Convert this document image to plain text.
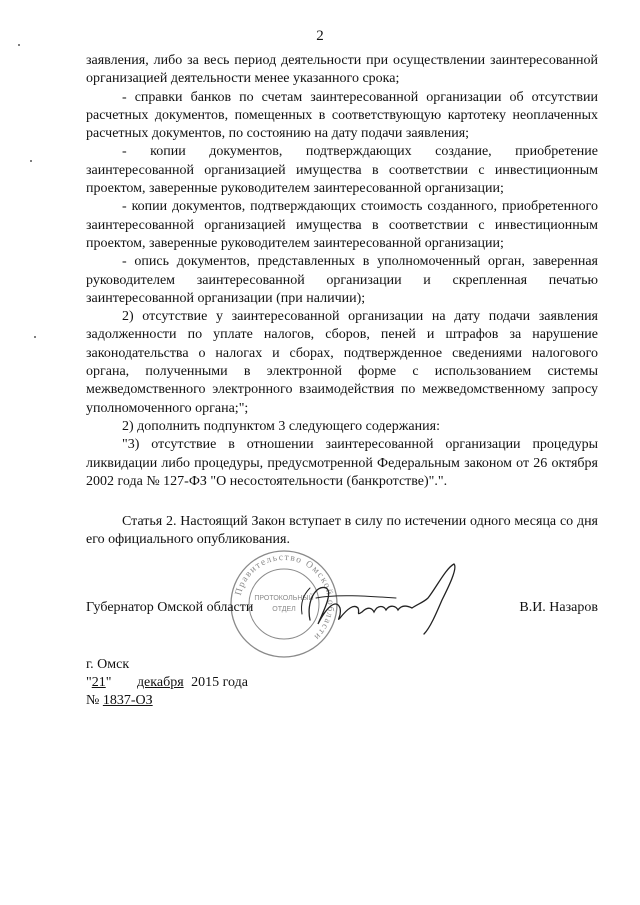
2

заявления, либо за весь период деятельности при осуществлении заинтересованной организацией деятельности менее указанного срока;

- справки банков по счетам заинтересованной организации об отсутствии расчетных документов, помещенных в соответствующую картотеку неоплаченных расчетных документов, по состоянию на дату подачи заявления;

- копии документов, подтверждающих создание, приобретение заинтересованной организацией имущества в соответствии с инвестиционным проектом, заверенные руководителем заинтересованной организации;

- копии документов, подтверждающих стоимость созданного, приобретенного заинтересованной организацией имущества в соответствии с инвестиционным проектом, заверенные руководителем заинтересованной организации;

- опись документов, представленных в уполномоченный орган, заверенная руководителем заинтересованной организации и скрепленная печатью заинтересованной организации (при наличии);

2) отсутствие у заинтересованной организации на дату подачи заявления задолженности по уплате налогов, сборов, пеней и штрафов за нарушение законодательства о налогах и сборах, подтвержденное сведениями налогового органа, полученными в электронной форме с использованием системы межведомственного электронного взаимодействия по межведомственному запросу уполномоченного органа;";

2) дополнить подпунктом 3 следующего содержания:

"3) отсутствие в отношении заинтересованной организации процедуры ликвидации либо процедуры, предусмотренной Федеральным законом от 26 октября 2002 года № 127-ФЗ "О несостоятельности (банкротстве)".".

Статья 2. Настоящий Закон вступает в силу по истечении одного месяца со дня его официального опубликования.

Правительство Омской области
ПРОТОКОЛЬНЫЙ
ОТДЕЛ
Губернатор Омской области	В.И. Назаров
г. Омск
"21" декабря 2015 года
№ 1837-ОЗ
